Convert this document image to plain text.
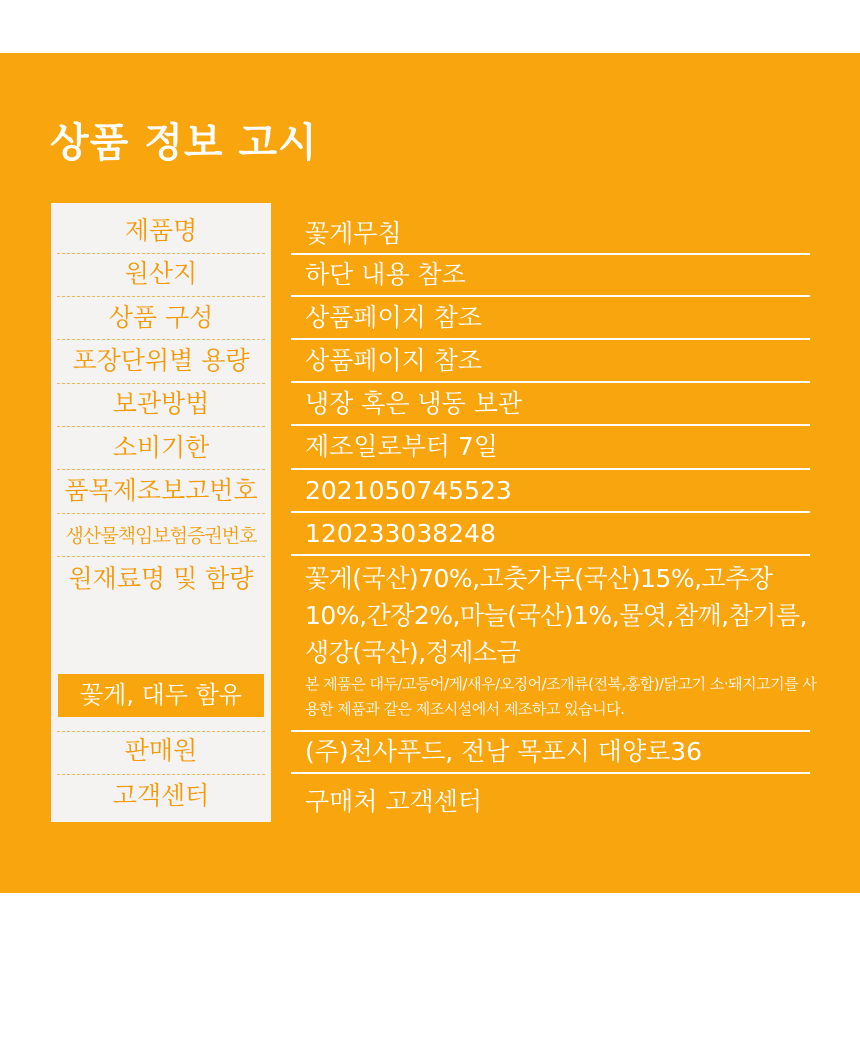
상품 정보 고시
제품명
원산지
상품 구성
포장단위별 용량
보관방법
소비기한
품목제조보고번호
생산물책임보험증권번호
원재료명 및 함량
꽃게, 대두 함유
판매원
고객센터
꽃게무침
하단 내용 참조
상품페이지 참조
상품페이지 참조
냉장 혹은 냉동 보관
제조일로부터 7일
2021050745523
120233038248
꽃게(국산)70%,고춧가루(국산)15%,고추장10%,간장2%,마늘(국산)1%,물엿,참깨,참기름,생강(국산),정제소금
본 제품은 대두/고등어/게/새우/오징어/조개류(전복,홍합)/닭고기 소·돼지고기를 사용한 제품과 같은 제조시설에서 제조하고 있습니다.
(주)천사푸드, 전남 목포시 대양로36
구매처 고객센터
